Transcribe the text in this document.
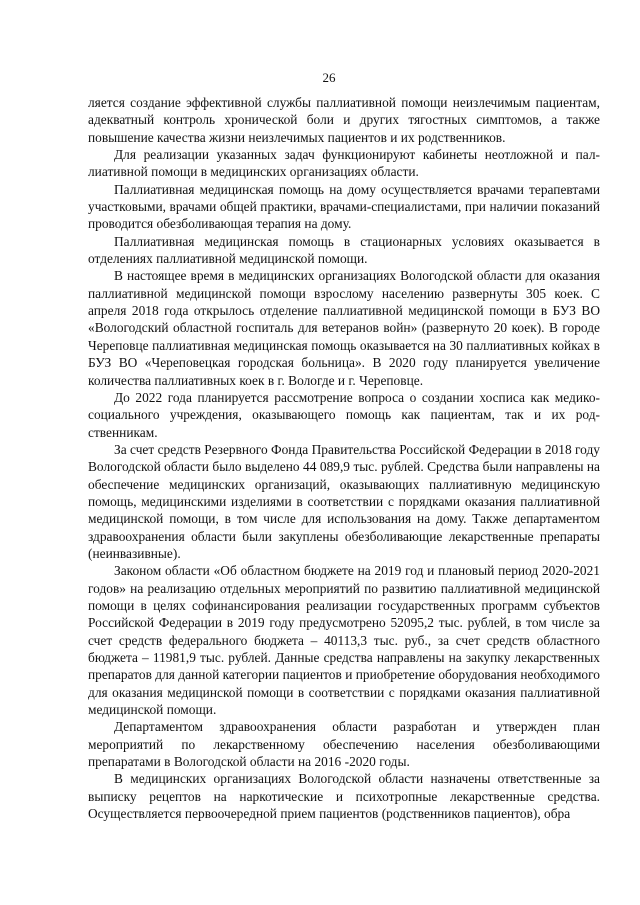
26

ляется создание эффективной службы паллиативной помощи неизлечимым пациентам, адекватный контроль хронической боли и других тягостных симптомов, а также повышение качества жизни неизлечимых пациентов и их родственников.

Для реализации указанных задач функционируют кабинеты неотложной и паллиативной помощи в медицинских организациях области.

Паллиативная медицинская помощь на дому осуществляется врачами терапевтами участковыми, врачами общей практики, врачами-специалистами, при наличии показаний проводится обезболивающая терапия на дому.

Паллиативная медицинская помощь в стационарных условиях оказывается в отделениях паллиативной медицинской помощи.

В настоящее время в медицинских организациях Вологодской области для оказания паллиативной медицинской помощи взрослому населению развернуты 305 коек. С апреля 2018 года открылось отделение паллиативной медицинской помощи в БУЗ ВО «Вологодский областной госпиталь для ветеранов войн» (развернуто 20 коек). В городе Череповце паллиативная медицинская помощь оказывается на 30 паллиативных койках в БУЗ ВО «Череповецкая городская больница». В 2020 году планируется увеличение количества паллиативных коек в г. Вологде и г. Череповце.

До 2022 года планируется рассмотрение вопроса о создании хосписа как медико-социального учреждения, оказывающего помощь как пациентам, так и их родственникам.

За счет средств Резервного Фонда Правительства Российской Федерации в 2018 году Вологодской области было выделено 44 089,9 тыс. рублей. Средства были направлены на обеспечение медицинских организаций, оказывающих паллиативную медицинскую помощь, медицинскими изделиями в соответствии с порядками оказания паллиативной медицинской помощи, в том числе для использования на дому. Также департаментом здравоохранения области были закуплены обезболивающие лекарственные препараты (неинвазивные).

Законом области «Об областном бюджете на 2019 год и плановый период 2020-2021 годов» на реализацию отдельных мероприятий по развитию паллиативной медицинской помощи в целях софинансирования реализации государственных программ субъектов Российской Федерации в 2019 году предусмотрено 52095,2 тыс. рублей, в том числе за счет средств федерального бюджета – 40113,3 тыс. руб., за счет средств областного бюджета – 11981,9 тыс. рублей. Данные средства направлены на закупку лекарственных препаратов для данной категории пациентов и приобретение оборудования необходимого для оказания медицинской помощи в соответствии с порядками оказания паллиативной медицинской помощи.

Департаментом здравоохранения области разработан и утвержден план мероприятий по лекарственному обеспечению населения обезболивающими препаратами в Вологодской области на 2016 -2020 годы.

В медицинских организациях Вологодской области назначены ответственные за выписку рецептов на наркотические и психотропные лекарственные средства. Осуществляется первоочередной прием пациентов (родственников пациентов), обра
